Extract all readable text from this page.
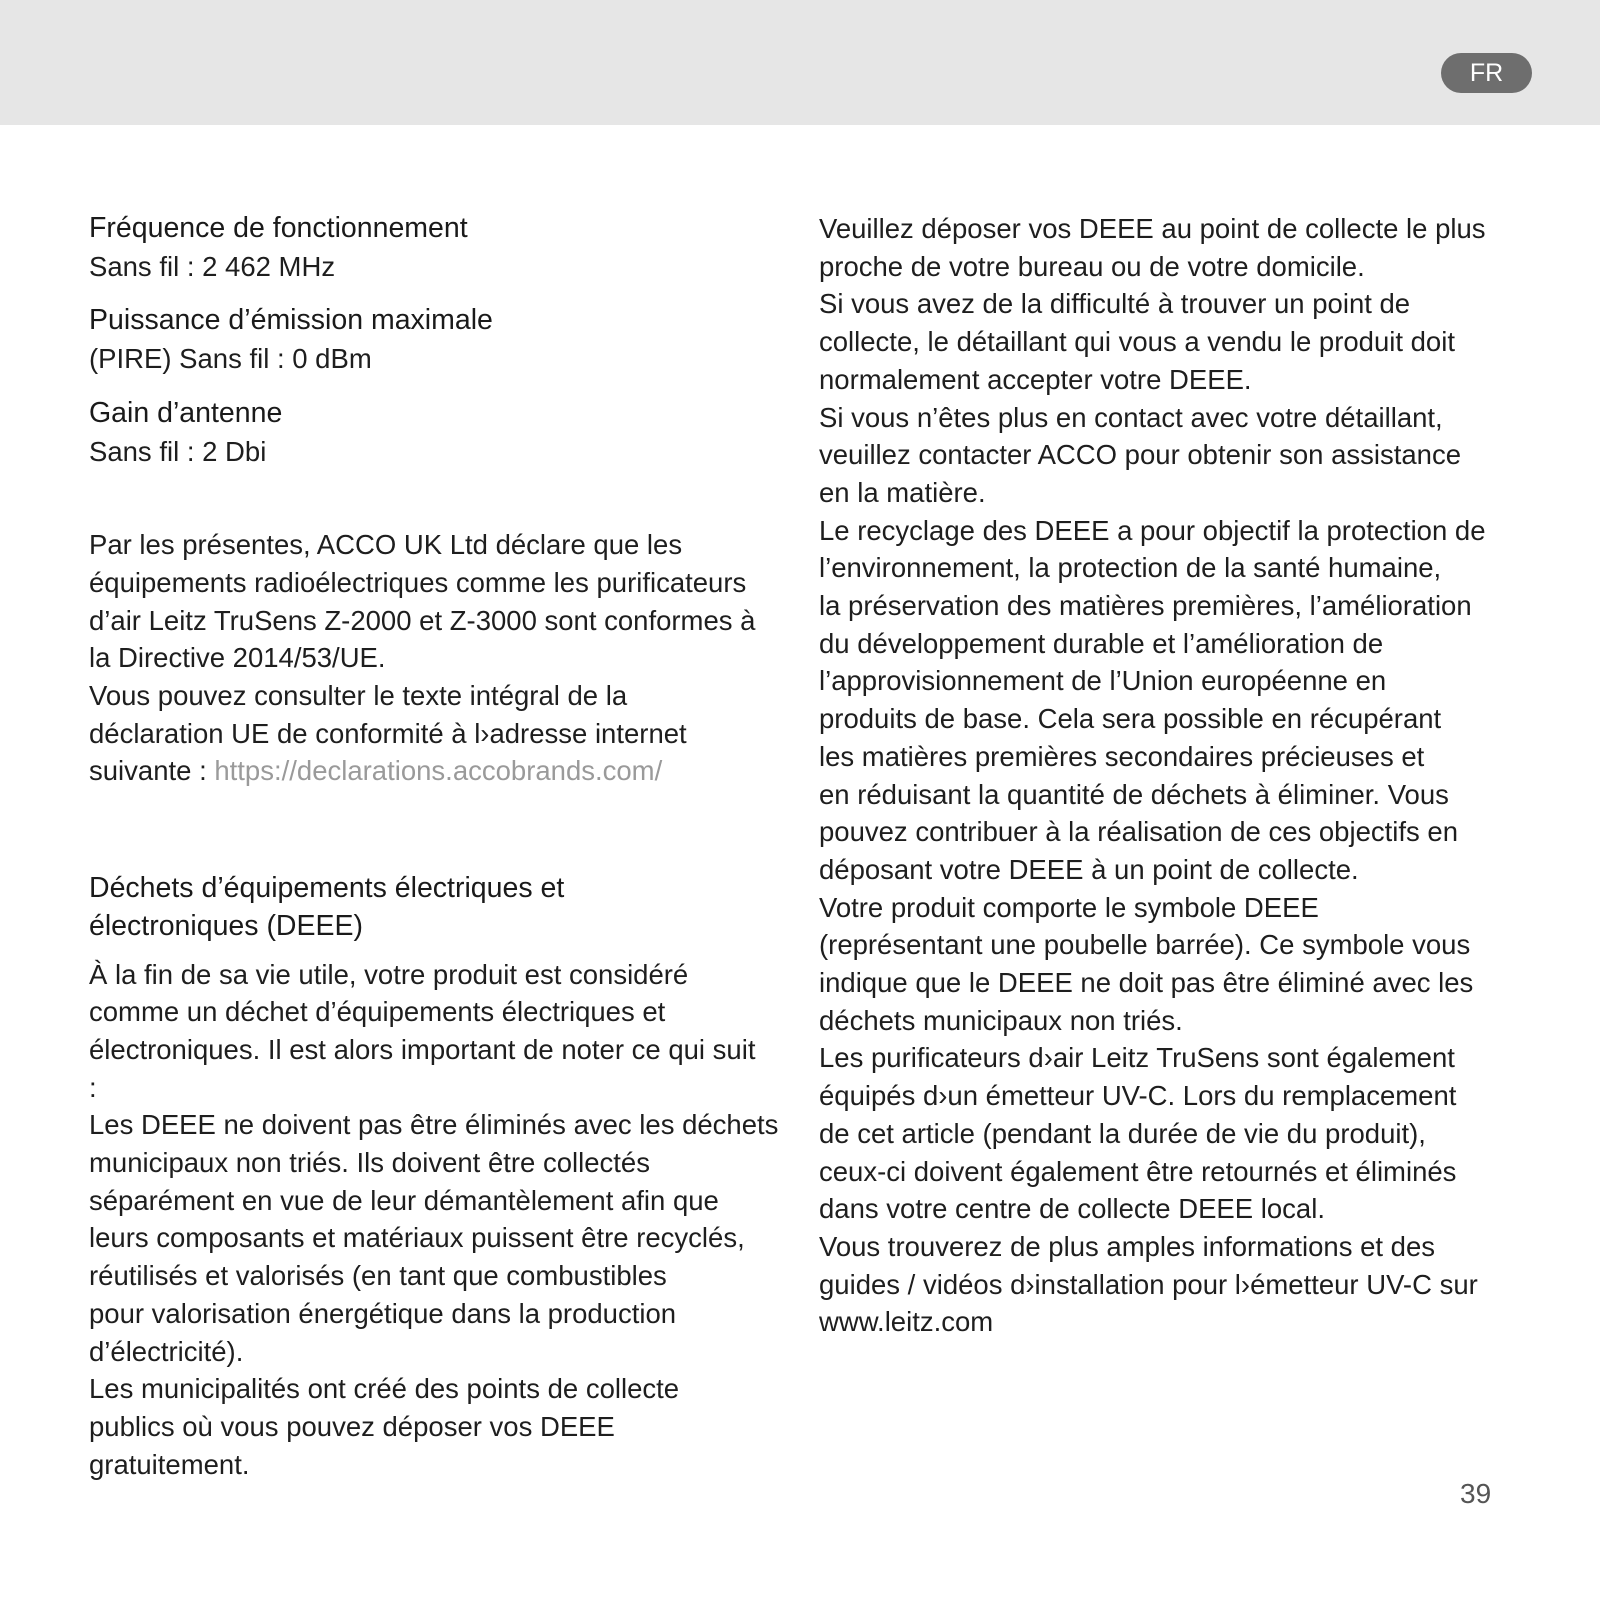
FR

Fréquence de fonctionnement

Sans fil : 2 462 MHz

Puissance d’émission maximale

(PIRE) Sans fil : 0 dBm

Gain d’antenne

Sans fil : 2 Dbi

Par les présentes, ACCO UK Ltd déclare que les

équipements radioélectriques comme les purificateurs

d’air Leitz TruSens Z-2000 et Z-3000 sont conformes à

la Directive 2014/53/UE.

Vous pouvez consulter le texte intégral de la

déclaration UE de conformité à l›adresse internet

suivante : https://declarations.accobrands.com/

Déchets d’équipements électriques et
électroniques (DEEE)

À la fin de sa vie utile, votre produit est considéré

comme un déchet d’équipements électriques et

électroniques. Il est alors important de noter ce qui suit

:

Les DEEE ne doivent pas être éliminés avec les déchets

municipaux non triés. Ils doivent être collectés

séparément en vue de leur démantèlement afin que

leurs composants et matériaux puissent être recyclés,

réutilisés et valorisés (en tant que combustibles

pour valorisation énergétique dans la production

d’électricité).

Les municipalités ont créé des points de collecte

publics où vous pouvez déposer vos DEEE

gratuitement.

Veuillez déposer vos DEEE au point de collecte le plus

proche de votre bureau ou de votre domicile.

Si vous avez de la difficulté à trouver un point de

collecte, le détaillant qui vous a vendu le produit doit

normalement accepter votre DEEE.

Si vous n’êtes plus en contact avec votre détaillant,

veuillez contacter ACCO pour obtenir son assistance

en la matière.

Le recyclage des DEEE a pour objectif la protection de

l’environnement, la protection de la santé humaine,

la préservation des matières premières, l’amélioration

du développement durable et l’amélioration de

l’approvisionnement de l’Union européenne en

produits de base. Cela sera possible en récupérant

les matières premières secondaires précieuses et

en réduisant la quantité de déchets à éliminer. Vous

pouvez contribuer à la réalisation de ces objectifs en

déposant votre DEEE à un point de collecte.

Votre produit comporte le symbole DEEE

(représentant une poubelle barrée). Ce symbole vous

indique que le DEEE ne doit pas être éliminé avec les

déchets municipaux non triés.

Les purificateurs d›air Leitz TruSens sont également

équipés d›un émetteur UV-C. Lors du remplacement

de cet article (pendant la durée de vie du produit),

ceux-ci doivent également être retournés et éliminés

dans votre centre de collecte DEEE local.

Vous trouverez de plus amples informations et des

guides / vidéos d›installation pour l›émetteur UV-C sur

www.leitz.com

39
